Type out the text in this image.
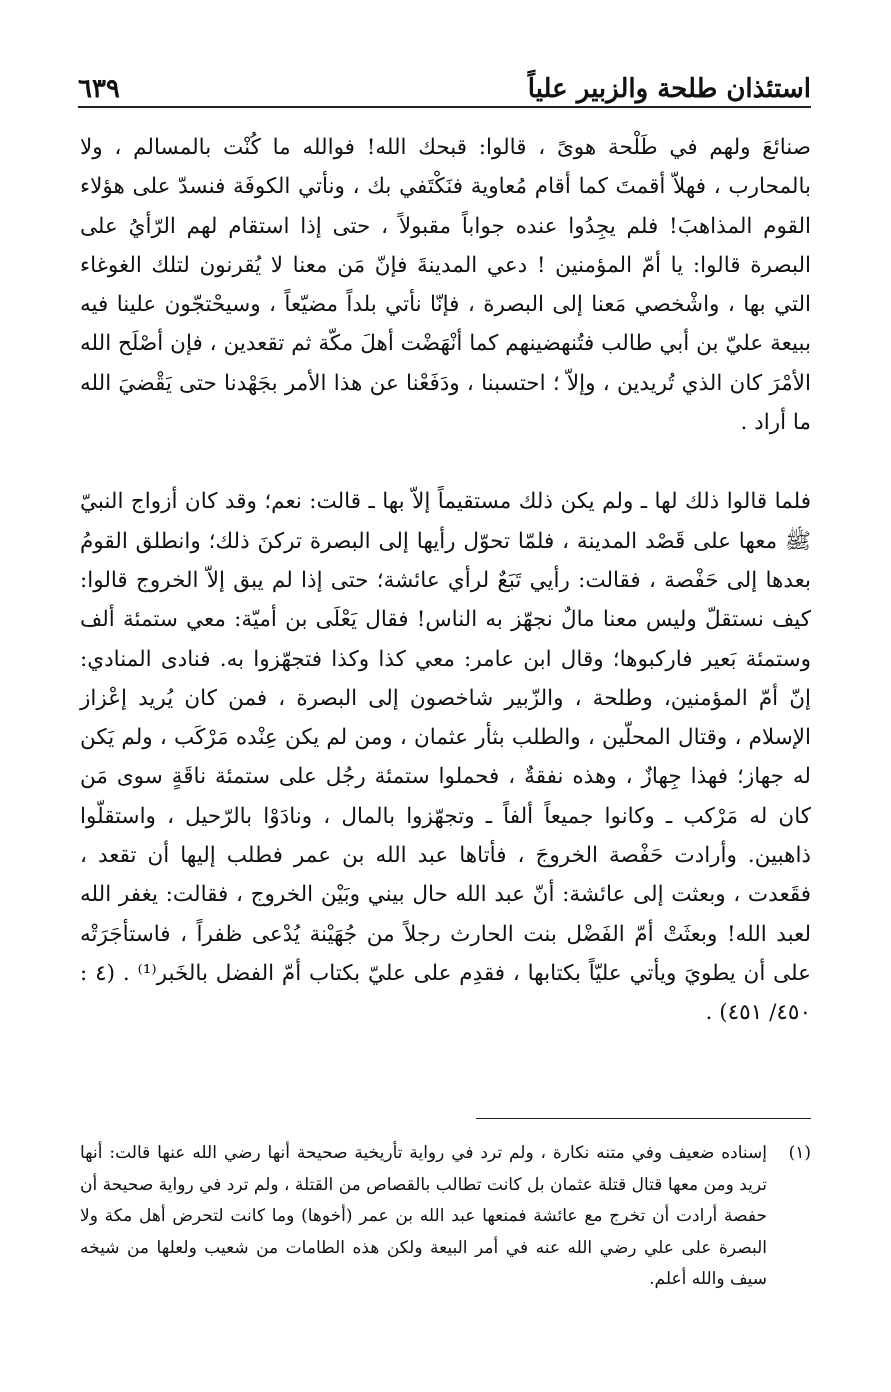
استئذان طلحة والزبير علياً
٦٣٩

صنائعَ ولهم في طَلْحة هوىً ، قالوا: قبحك الله! فوالله ما كُنْت بالمسالم ، ولا بالمحارب ، فهلاّ أقمتَ كما أقام مُعاوية فنَكْتَفي بك ، ونأتي الكوفَة فنسدّ على هؤلاء القوم المذاهبَ! فلم يجِدُوا عنده جواباً مقبولاً ، حتى إذا استقام لهم الرّأيُ على البصرة قالوا: يا أمّ المؤمنين ! دعي المدينةَ فإنّ مَن معنا لا يُقرنون لتلك الغوغاء التي بها ، واشْخصي مَعنا إلى البصرة ، فإنّا نأتي بلداً مضيّعاً ، وسيحْتجّون علينا فيه ببيعة عليّ بن أبي طالب فتُنهضينهم كما أنْهَضْت أهلَ مكّة ثم تقعدين ، فإن أصْلَح الله الأمْرَ كان الذي تُريدين ، وإلاّ ؛ احتسبنا ، ودَفَعْنا عن هذا الأمر بجَهْدنا حتى يَقْضيَ الله ما أراد .

فلما قالوا ذلك لها ـ ولم يكن ذلك مستقيماً إلاّ بها ـ قالت: نعم؛ وقد كان أزواج النبيّ ﷺ معها على قَصْد المدينة ، فلمّا تحوّل رأيها إلى البصرة تركنَ ذلك؛ وانطلق القومُ بعدها إلى حَفْصة ، فقالت: رأيي تَبَعٌ لرأي عائشة؛ حتى إذا لم يبق إلاّ الخروج قالوا: كيف نستقلّ وليس معنا مالٌ نجهّز به الناس! فقال يَعْلَى بن أميّة: معي ستمئة ألف وستمئة بَعير فاركبوها؛ وقال ابن عامر: معي كذا وكذا فتجهّزوا به. فنادى المنادي: إنّ أمّ المؤمنين، وطلحة ، والزّبير شاخصون إلى البصرة ، فمن كان يُريد إعْزاز الإسلام ، وقتال المحلّين ، والطلب بثأر عثمان ، ومن لم يكن عِنْده مَرْكَب ، ولم يَكن له جهاز؛ فهذا جِهازٌ ، وهذه نفقةٌ ، فحملوا ستمئة رجُل على ستمئة ناقَةٍ سوى مَن كان له مَرْكب ـ وكانوا جميعاً ألفاً ـ وتجهّزوا بالمال ، ونادَوْا بالرّحيل ، واستقلّوا ذاهبين. وأرادت حَفْصة الخروجَ ، فأتاها عبد الله بن عمر فطلب إليها أن تقعد ، فقَعدت ، وبعثت إلى عائشة: أنّ عبد الله حال بيني وبَيْن الخروج ، فقالت: يغفر الله لعبد الله! وبعثَتْ أمّ الفَضْل بنت الحارث رجلاً من جُهَيْنة يُدْعى ظفراً ، فاستأجَرَتْه على أن يطويَ ويأتي عليّاً بكتابها ، فقدِم على عليّ بكتاب أمّ الفضل بالخَبر⁽¹⁾ . (٤ : ٤٥٠/ ٤٥١) .

(١)

إسناده ضعيف وفي متنه نكارة ، ولم ترد في رواية تأريخية صحيحة أنها رضي الله عنها قالت: أنها تريد ومن معها قتال قتلة عثمان بل كانت تطالب بالقصاص من القتلة ، ولم ترد في رواية صحيحة أن حفصة أرادت أن تخرج مع عائشة فمنعها عبد الله بن عمر (أخوها) وما كانت لتحرض أهل مكة ولا البصرة على علي رضي الله عنه في أمر البيعة ولكن هذه الطامات من شعيب ولعلها من شيخه سيف والله أعلم.
